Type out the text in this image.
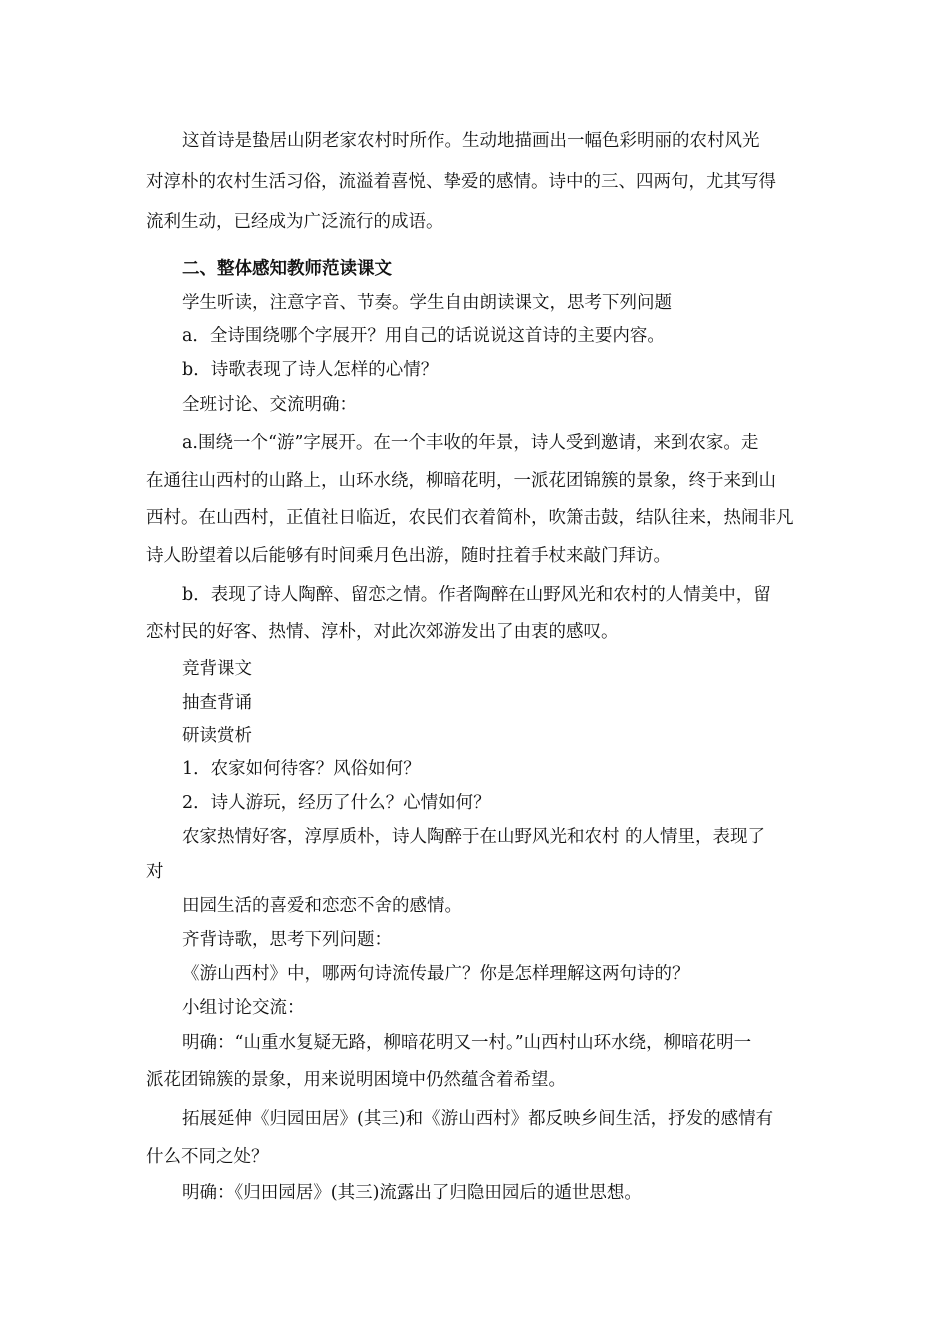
这首诗是蛰居山阴老家农村时所作。生动地描画出一幅色彩明丽的农村风光

对淳朴的农村生活习俗，流溢着喜悦、挚爱的感情。诗中的三、四两句，尤其写得

流利生动，已经成为广泛流行的成语。

二、整体感知教师范读课文

学生听读，注意字音、节奏。学生自由朗读课文，思考下列问题

a．全诗围绕哪个字展开？用自己的话说说这首诗的主要内容。

b．诗歌表现了诗人怎样的心情？

全班讨论、交流明确：

a.围绕一个“游”字展开。在一个丰收的年景，诗人受到邀请，来到农家。走

在通往山西村的山路上，山环水绕，柳暗花明，一派花团锦簇的景象，终于来到山

西村。在山西村，正值社日临近，农民们衣着简朴，吹箫击鼓，结队往来，热闹非凡

诗人盼望着以后能够有时间乘月色出游，随时拄着手杖来敲门拜访。

b．表现了诗人陶醉、留恋之情。作者陶醉在山野风光和农村的人情美中，留

恋村民的好客、热情、淳朴，对此次郊游发出了由衷的感叹。

竞背课文

抽查背诵

研读赏析

1．农家如何待客？风俗如何？

2．诗人游玩，经历了什么？心情如何？

农家热情好客，淳厚质朴，诗人陶醉于在山野风光和农村 的人情里，表现了

对

田园生活的喜爱和恋恋不舍的感情。

齐背诗歌，思考下列问题：

《游山西村》中，哪两句诗流传最广？你是怎样理解这两句诗的？

小组讨论交流：

明确：“山重水复疑无路，柳暗花明又一村。”山西村山环水绕，柳暗花明一

派花团锦簇的景象，用来说明困境中仍然蕴含着希望。

拓展延伸《归园田居》(其三)和《游山西村》都反映乡间生活，抒发的感情有

什么不同之处？

明确：《归田园居》(其三)流露出了归隐田园后的遁世思想。
